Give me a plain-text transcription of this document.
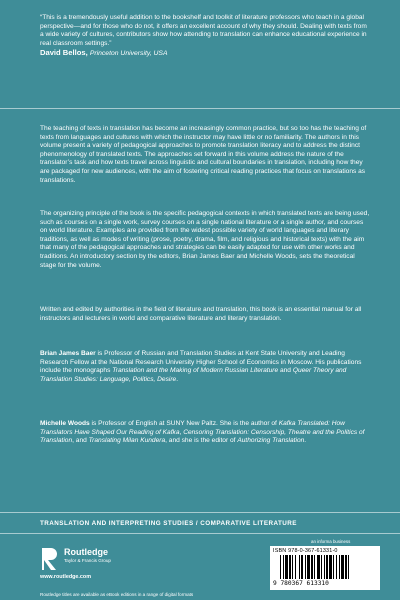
“This is a tremendously useful addition to the bookshelf and toolkit of literature professors who teach in a global perspective—and for those who do not, it offers an excellent account of why they should. Dealing with texts from a wide variety of cultures, contributors show how attending to translation can enhance educational experience in real classroom settings.”
David Bellos, Princeton University, USA

The teaching of texts in translation has become an increasingly common practice, but so too has the teaching of texts from languages and cultures with which the instructor may have little or no familiarity. The authors in this volume present a variety of pedagogical approaches to promote translation literacy and to address the distinct phenomenology of translated texts. The approaches set forward in this volume address the nature of the translator’s task and how texts travel across linguistic and cultural boundaries in translation, including how they are packaged for new audiences, with the aim of fostering critical reading practices that focus on translations as translations.

The organizing principle of the book is the specific pedagogical contexts in which translated texts are being used, such as courses on a single work, survey courses on a single national literature or a single author, and courses on world literature. Examples are provided from the widest possible variety of world languages and literary traditions, as well as modes of writing (prose, poetry, drama, film, and religious and historical texts) with the aim that many of the pedagogical approaches and strategies can be easily adapted for use with other works and traditions. An introductory section by the editors, Brian James Baer and Michelle Woods, sets the theoretical stage for the volume.

Written and edited by authorities in the field of literature and translation, this book is an essential manual for all instructors and lecturers in world and comparative literature and literary translation.

Brian James Baer is Professor of Russian and Translation Studies at Kent State University and Leading Research Fellow at the National Research University Higher School of Economics in Moscow. His publications include the monographs Translation and the Making of Modern Russian Literature and Queer Theory and Translation Studies: Language, Politics, Desire.

Michelle Woods is Professor of English at SUNY New Paltz. She is the author of Kafka Translated: How Translators Have Shaped Our Reading of Kafka, Censoring Translation: Censorship, Theatre and the Politics of Translation, and Translating Milan Kundera, and she is the editor of Authorizing Translation.

TRANSLATION AND INTERPRETING STUDIES / COMPARATIVE LITERATURE
Routledge
Taylor & Francis Group
www.routledge.com
an informa business
ISBN 978-0-367-61331-0
9 780367 613310
Routledge titles are available as eBook editions in a range of digital formats
